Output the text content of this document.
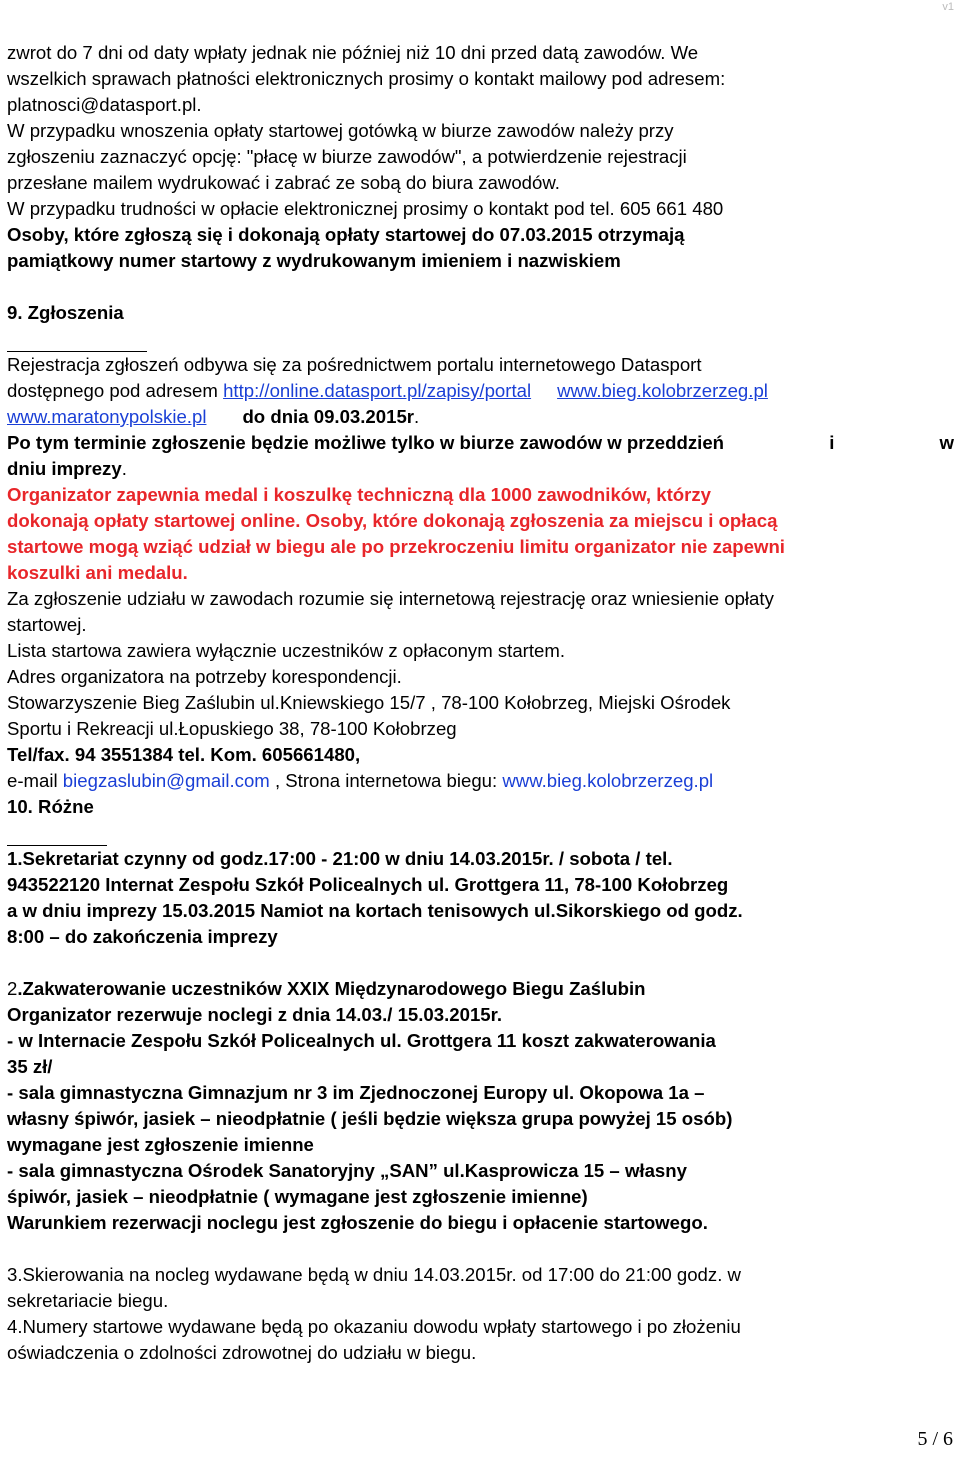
v1
zwrot do 7 dni od daty wpłaty jednak nie później niż 10 dni przed datą zawodów. We
wszelkich sprawach płatności elektronicznych prosimy o kontakt mailowy pod adresem:
platnosci@datasport.pl.
W przypadku wnoszenia opłaty startowej gotówką w biurze zawodów należy przy
zgłoszeniu zaznaczyć opcję: "płacę w biurze zawodów", a potwierdzenie rejestracji
przesłane mailem wydrukować i zabrać ze sobą do biura zawodów.
W przypadku trudności w opłacie elektronicznej prosimy o kontakt pod tel. 605 661 480
Osoby, które zgłoszą się i dokonają opłaty startowej do 07.03.2015 otrzymają
pamiątkowy numer startowy z wydrukowanym imieniem i nazwiskiem
9. Zgłoszenia
Rejestracja zgłoszeń odbywa się za pośrednictwem portalu internetowego Datasport
dostępnego pod adresem http://online.datasport.pl/zapisy/portal www.bieg.kolobrzerzeg.pl
www.maratonypolskie.pl do dnia 09.03.2015r.
Po tym terminie zgłoszenie będzie możliwe tylko w biurze zawodów w przeddzień	i	w
dniu imprezy.
Organizator zapewnia medal i koszulkę techniczną dla 1000 zawodników, którzy
dokonają opłaty startowej online. Osoby, które dokonają zgłoszenia za miejscu i opłacą
startowe mogą wziąć udział w biegu ale po przekroczeniu limitu organizator nie zapewni
koszulki ani medalu.
Za zgłoszenie udziału w zawodach rozumie się internetową rejestrację oraz wniesienie opłaty
startowej.
Lista startowa zawiera wyłącznie uczestników z opłaconym startem.
Adres organizatora na potrzeby korespondencji.
Stowarzyszenie Bieg Zaślubin ul.Kniewskiego 15/7 , 78-100 Kołobrzeg, Miejski Ośrodek
Sportu i Rekreacji ul.Łopuskiego 38, 78-100 Kołobrzeg
Tel/fax. 94 3551384 tel. Kom. 605661480,
e-mail biegzaslubin@gmail.com , Strona internetowa biegu: www.bieg.kolobrzerzeg.pl
10. Różne
1.Sekretariat czynny od godz.17:00 - 21:00 w dniu 14.03.2015r. / sobota / tel.
943522120 Internat Zespołu Szkół Policealnych ul. Grottgera 11, 78-100 Kołobrzeg
a w dniu imprezy 15.03.2015 Namiot na kortach tenisowych ul.Sikorskiego od godz.
8:00 – do zakończenia imprezy
2.Zakwaterowanie uczestników XXIX Międzynarodowego Biegu Zaślubin
Organizator rezerwuje noclegi z dnia 14.03./ 15.03.2015r.
- w Internacie Zespołu Szkół Policealnych ul. Grottgera 11 koszt zakwaterowania
35 zł/
- sala gimnastyczna Gimnazjum nr 3 im Zjednoczonej Europy ul. Okopowa 1a –
własny śpiwór, jasiek – nieodpłatnie ( jeśli będzie większa grupa powyżej 15 osób)
wymagane jest zgłoszenie imienne
- sala gimnastyczna Ośrodek Sanatoryjny „SAN” ul.Kasprowicza 15 – własny
śpiwór, jasiek – nieodpłatnie ( wymagane jest zgłoszenie imienne)
Warunkiem rezerwacji noclegu jest zgłoszenie do biegu i opłacenie startowego.
3.Skierowania na nocleg wydawane będą w dniu 14.03.2015r. od 17:00 do 21:00 godz. w
sekretariacie biegu.
4.Numery startowe wydawane będą po okazaniu dowodu wpłaty startowego i po złożeniu
oświadczenia o zdolności zdrowotnej do udziału w biegu.
5 / 6
